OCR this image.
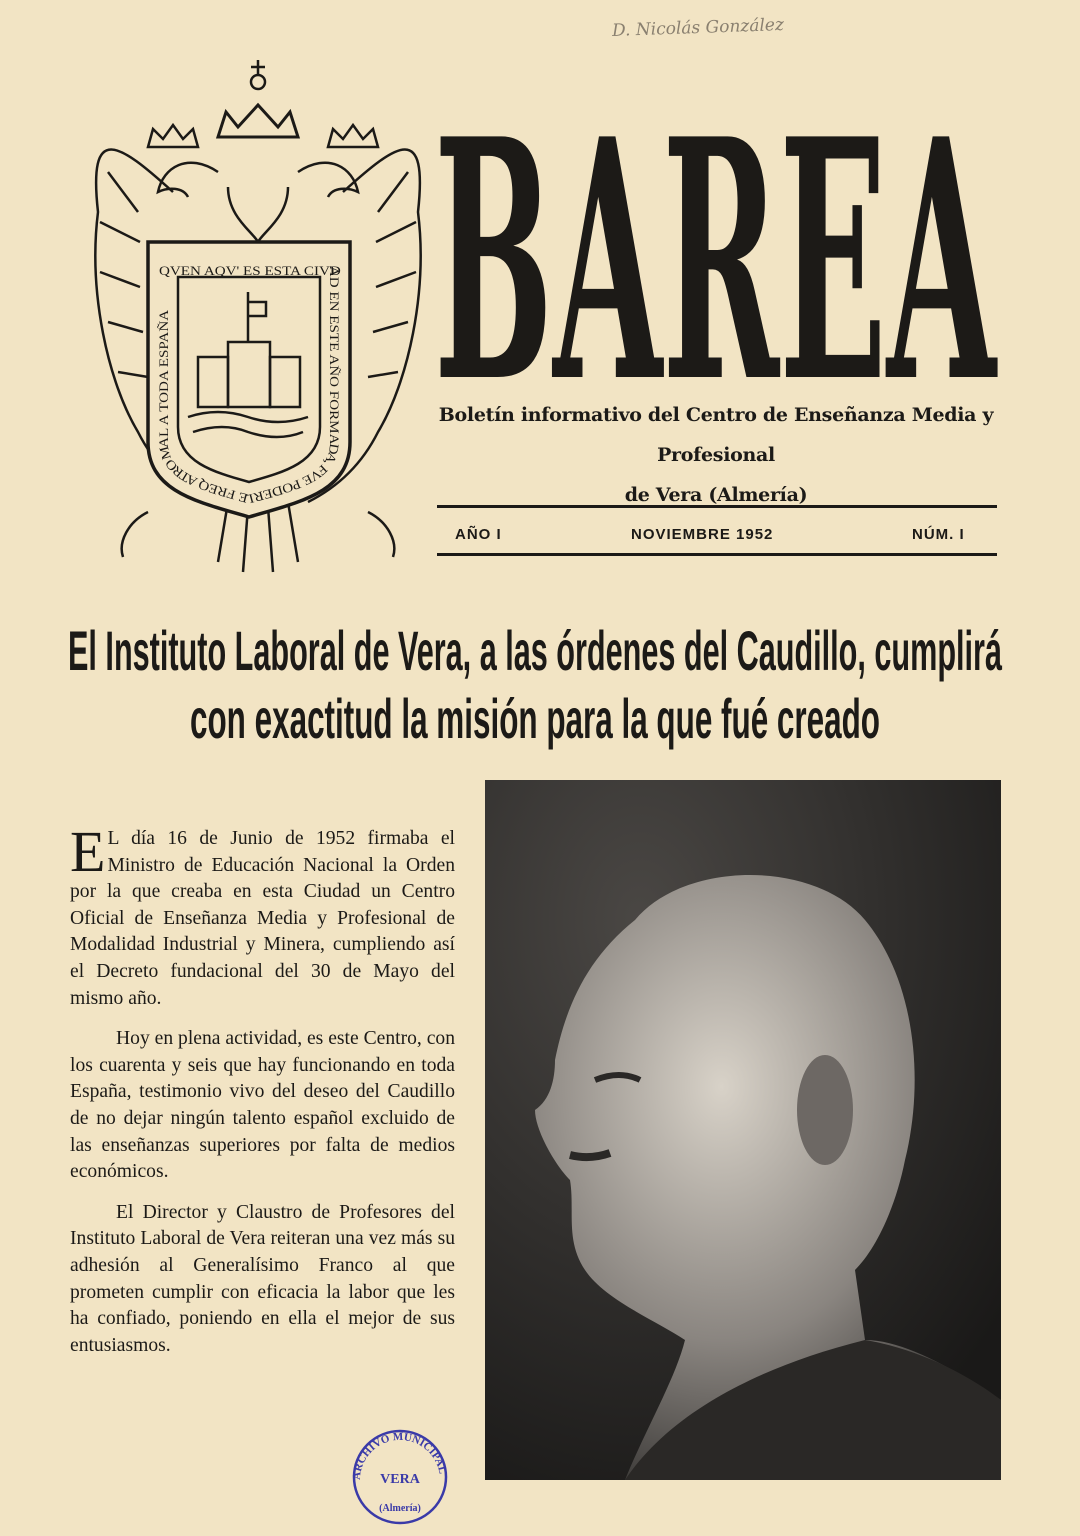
D. Nicolás González
QVEN AQV' ES ESTA CIVDAD EN ESTE AÑO FORMADA, FVE PODERLE FREQ ATRO MAL A TODA ESPAÑA BAREA
Boletín informativo del Centro de Enseñanza Media y Profesional
de Vera (Almería)
AÑO I	NOVIEMBRE 1952	NÚM. I
El Instituto Laboral de Vera, a las órdenes del Caudillo, cumplirá
con exactitud la misión para la que fué creado

E L día 16 de Junio de 1952 firmaba el Ministro de Educación Nacional la Orden por la que creaba en esta Ciudad un Centro Oficial de Enseñanza Media y Profesional de Modalidad Industrial y Minera, cumpliendo así el Decreto fundacional del 30 de Mayo del mismo año.

Hoy en plena actividad, es este Centro, con los cuarenta y seis que hay funcionando en toda España, testimonio vivo del deseo del Caudillo de no dejar ningún talento español excluido de las enseñanzas superiores por falta de medios económicos.

El Director y Claustro de Profesores del Instituto Laboral de Vera reiteran una vez más su adhesión al Generalísimo Franco al que prometen cumplir con eficacia la labor que les ha confiado, poniendo en ella el mejor de sus entusiasmos.

ARCHIVO MUNICIPAL
VERA
(Almería)
